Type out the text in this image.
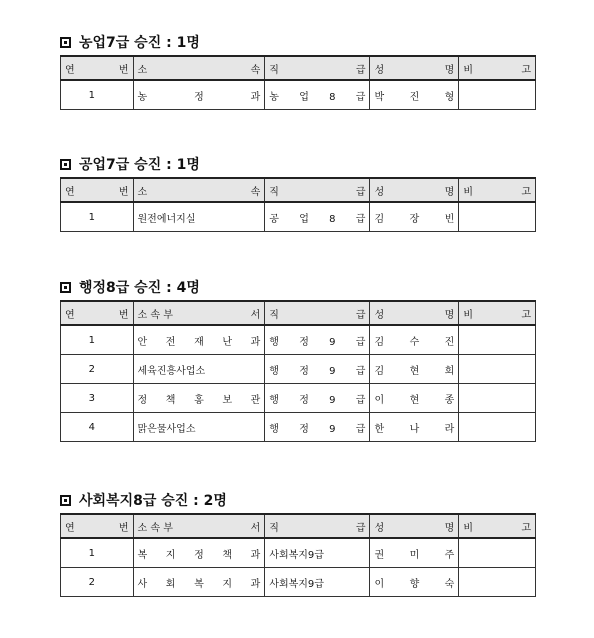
농업7급 승진 : 1명
연 번	소 속	직 급	성 명	비 고

1	농 정 과	농 업 8 급	박 진 형	
공업7급 승진 : 1명
연 번	소 속	직 급	성 명	비 고

1	원전에너지실	공 업 8 급	김 장 빈	
행정8급 승진 : 4명
연 번	소 속 부 서	직 급	성 명	비 고

1	안 전 재 난 과	행 정 9 급	김 수 진	
2	세육진흥사업소	행 정 9 급	김 현 희	
3	정 책 홍 보 관	행 정 9 급	이 현 종	
4	맑은물사업소	행 정 9 급	한 나 라	
사회복지8급 승진 : 2명
연 번	소 속 부 서	직 급	성 명	비 고

1	복 지 정 책 과	사회복지9급	권 미 주	
2	사 회 복 지 과	사회복지9급	이 향 숙	
